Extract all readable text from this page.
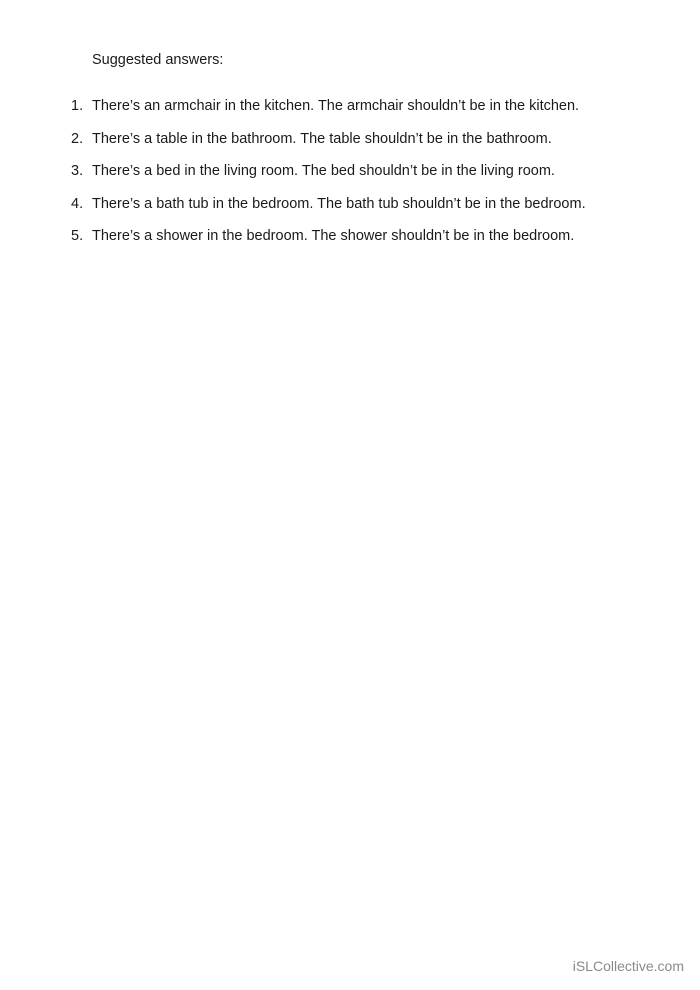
Suggested answers:
1. There’s an armchair in the kitchen. The armchair shouldn’t be in the kitchen.
2. There’s a table in the bathroom. The table shouldn’t be in the bathroom.
3. There’s a bed in the living room. The bed shouldn’t be in the living room.
4. There’s a bath tub in the bedroom. The bath tub shouldn’t be in the bedroom.
5. There’s a shower in the bedroom. The shower shouldn’t be in the bedroom.
iSLCollective.com
